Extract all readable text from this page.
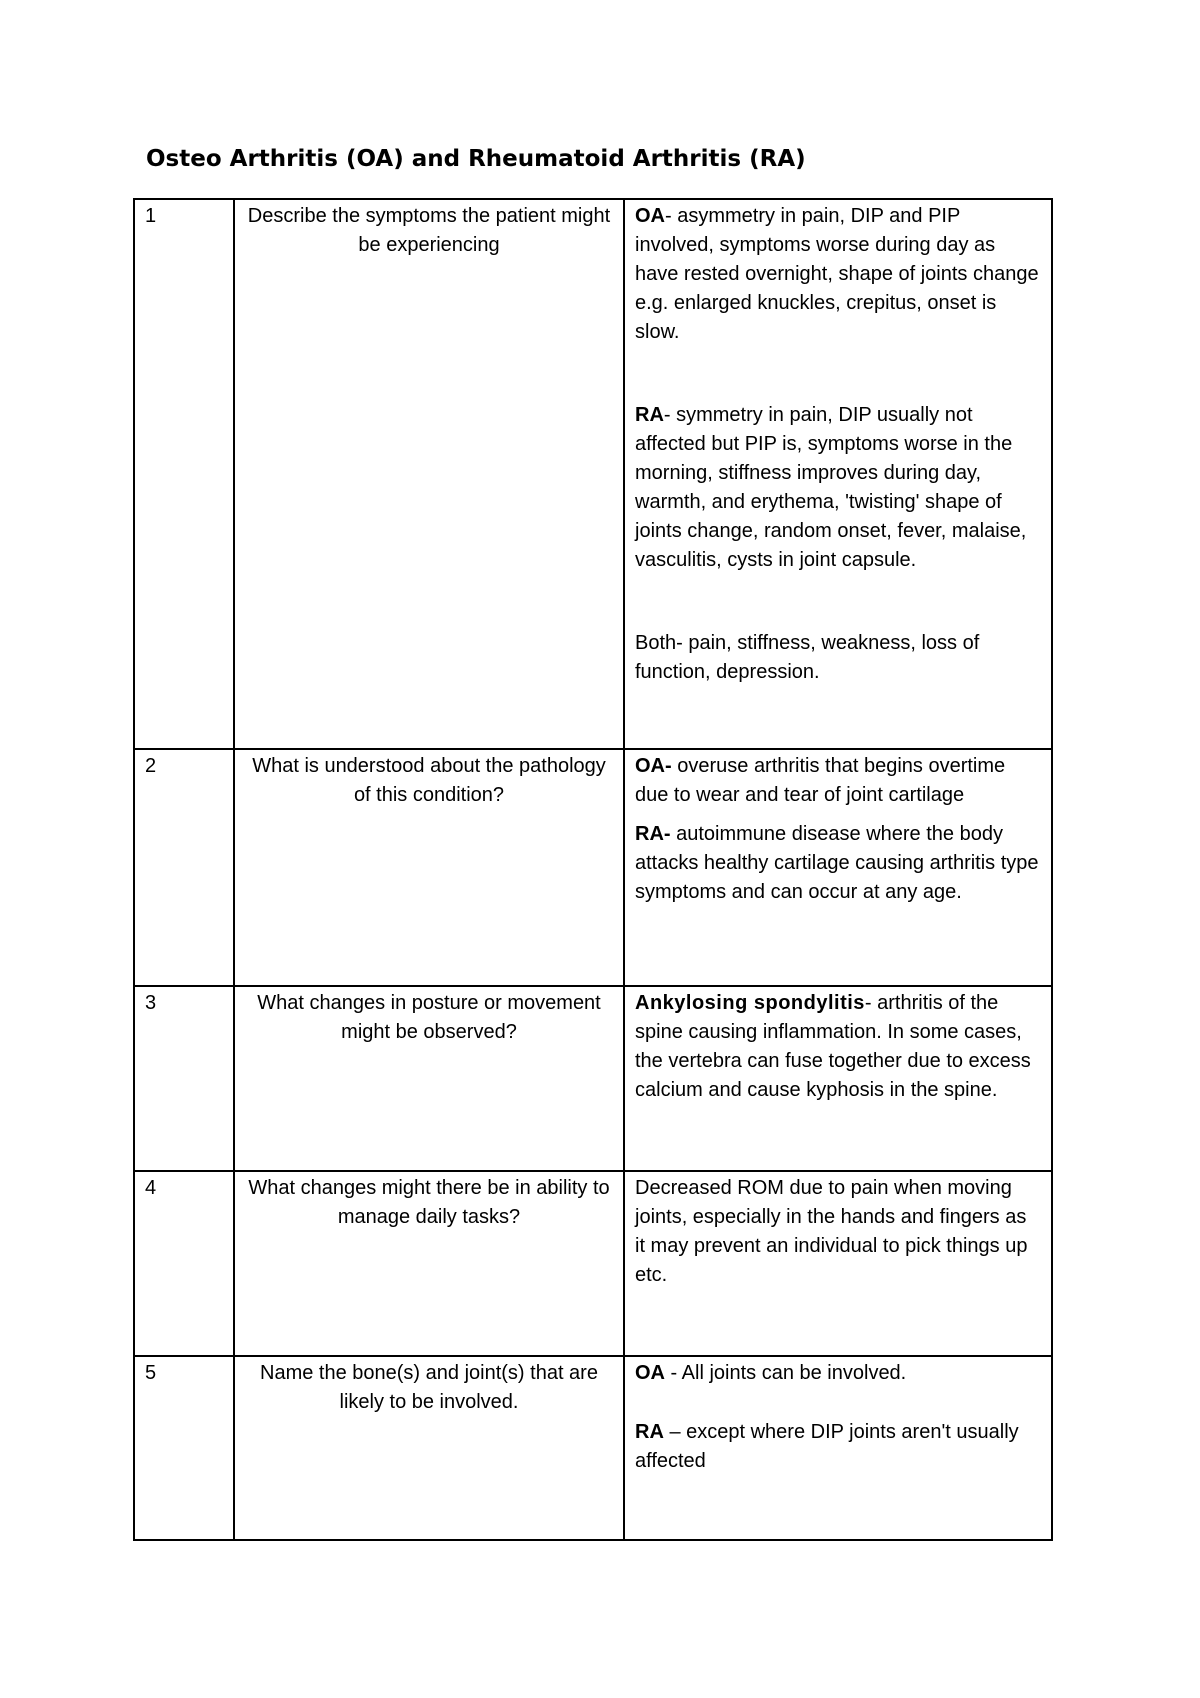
Osteo Arthritis (OA) and Rheumatoid Arthritis (RA)
1	Describe the symptoms the patient might be experiencing	OA- asymmetry in pain, DIP and PIP involved, symptoms worse during day as have rested overnight, shape of joints change e.g. enlarged knuckles, crepitus, onset is slow.

RA- symmetry in pain, DIP usually not affected but PIP is, symptoms worse in the morning, stiffness improves during day, warmth, and erythema, 'twisting' shape of joints change, random onset, fever, malaise, vasculitis, cysts in joint capsule.

Both- pain, stiffness, weakness, loss of function, depression.

2	What is understood about the pathology of this condition?	OA- overuse arthritis that begins overtime due to wear and tear of joint cartilage

RA- autoimmune disease where the body attacks healthy cartilage causing arthritis type symptoms and can occur at any age.

3	What changes in posture or movement might be observed?	Ankylosing spondylitis- arthritis of the spine causing inflammation. In some cases, the vertebra can fuse together due to excess calcium and cause kyphosis in the spine.

4	What changes might there be in ability to manage daily tasks?	Decreased ROM due to pain when moving joints, especially in the hands and fingers as it may prevent an individual to pick things up etc.

5	Name the bone(s) and joint(s) that are likely to be involved.	OA - All joints can be involved.

RA – except where DIP joints aren't usually affected
